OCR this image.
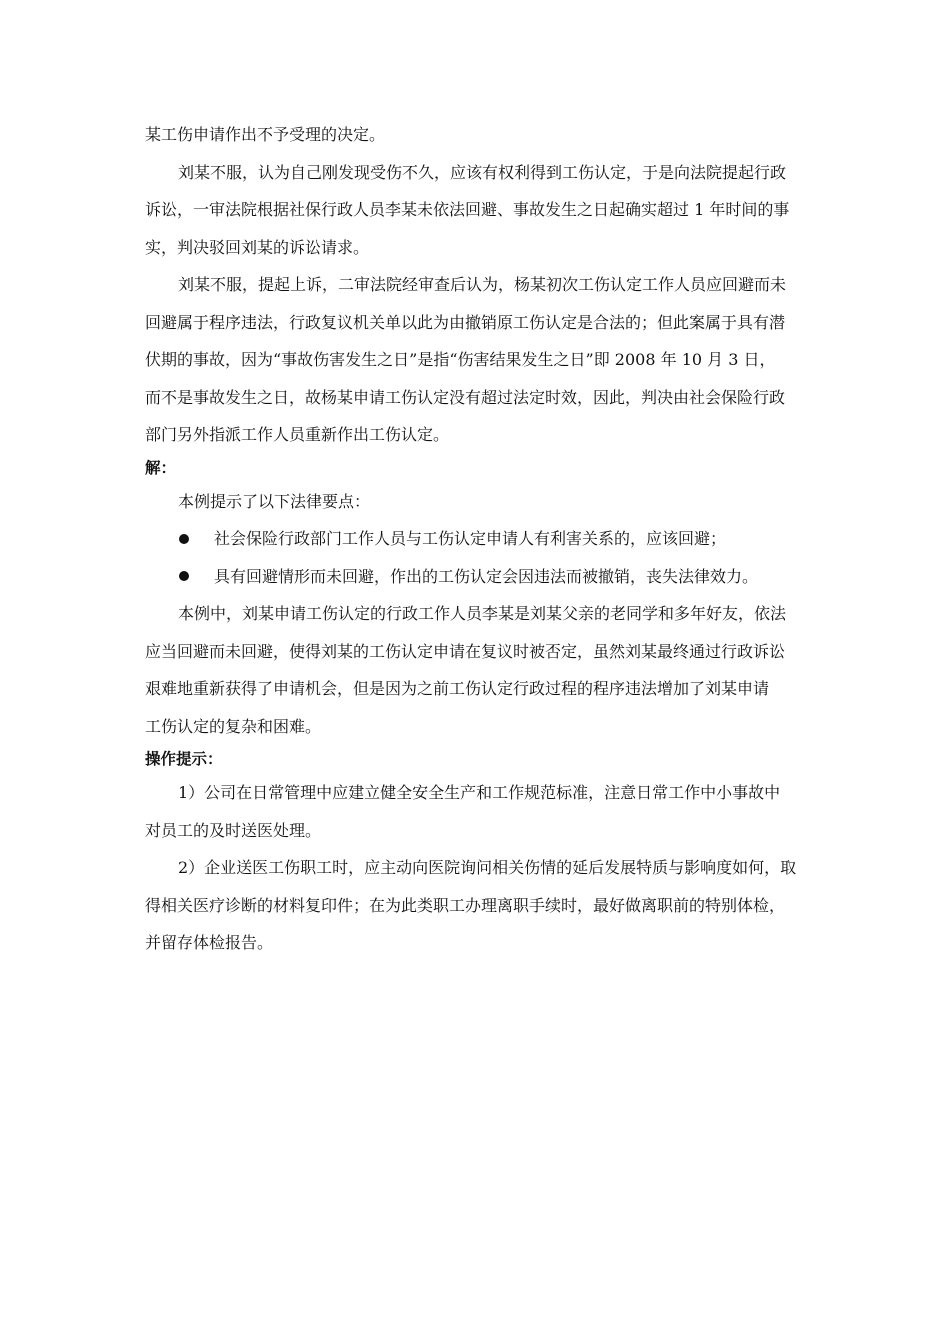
某工伤申请作出不予受理的决定。
刘某不服，认为自己刚发现受伤不久，应该有权利得到工伤认定，于是向法院提起行政
诉讼，一审法院根据社保行政人员李某未依法回避、事故发生之日起确实超过 1 年时间的事
实，判决驳回刘某的诉讼请求。
刘某不服，提起上诉，二审法院经审查后认为，杨某初次工伤认定工作人员应回避而未
回避属于程序违法，行政复议机关单以此为由撤销原工伤认定是合法的；但此案属于具有潜
伏期的事故，因为“事故伤害发生之日”是指“伤害结果发生之日”即 2008 年 10 月 3 日，
而不是事故发生之日，故杨某申请工伤认定没有超过法定时效，因此，判决由社会保险行政
部门另外指派工作人员重新作出工伤认定。
解：
本例提示了以下法律要点：
社会保险行政部门工作人员与工伤认定申请人有利害关系的，应该回避；
具有回避情形而未回避，作出的工伤认定会因违法而被撤销，丧失法律效力。
本例中，刘某申请工伤认定的行政工作人员李某是刘某父亲的老同学和多年好友，依法
应当回避而未回避，使得刘某的工伤认定申请在复议时被否定，虽然刘某最终通过行政诉讼
艰难地重新获得了申请机会，但是因为之前工伤认定行政过程的程序违法增加了刘某申请
工伤认定的复杂和困难。
操作提示：
1）公司在日常管理中应建立健全安全生产和工作规范标准，注意日常工作中小事故中
对员工的及时送医处理。
2）企业送医工伤职工时，应主动向医院询问相关伤情的延后发展特质与影响度如何，取
得相关医疗诊断的材料复印件；在为此类职工办理离职手续时，最好做离职前的特别体检，
并留存体检报告。
